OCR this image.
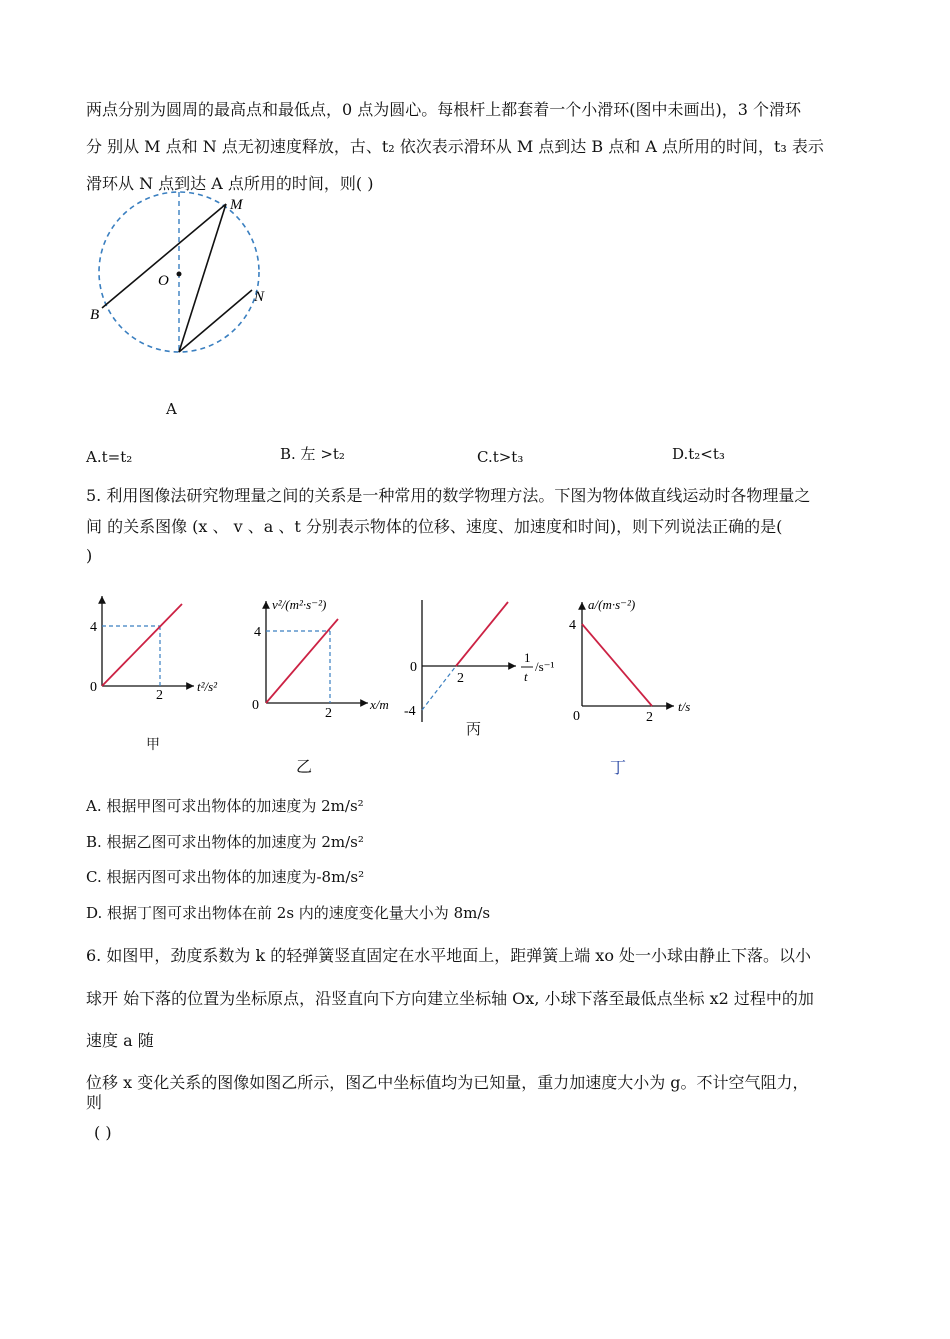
两点分别为圆周的最高点和最低点，0 点为圆心。每根杆上都套着一个小滑环(图中未画出)，3 个滑环
分 别从 M 点和 N 点无初速度释放，古、t₂ 依次表示滑环从 M 点到达 B 点和 A 点所用的时间，t₃ 表示
滑环从 N 点到达 A 点所用的时间，则( )
M
N
O
B
A
A.t=t₂	B. 左 >t₂	C.t>t₃	D.t₂<t₃
5. 利用图像法研究物理量之间的关系是一种常用的数学物理方法。下图为物体做直线运动时各物理量之
间 的关系图像 (x 、 v 、a 、t 分别表示物体的位移、速度、加速度和时间)，则下列说法正确的是(
)
4
0
2
t²/s²
甲
v²/(m²·s⁻²)
4
0
2
x/m
乙
0
-4
2
1
t
/s⁻¹
丙
a/(m·s⁻²)
4
0	2
t/s
丁
A. 根据甲图可求出物体的加速度为 2m/s²
B. 根据乙图可求出物体的加速度为 2m/s²
C. 根据丙图可求出物体的加速度为-8m/s²
D. 根据丁图可求出物体在前 2s 内的速度变化量大小为 8m/s
6. 如图甲，劲度系数为 k 的轻弹簧竖直固定在水平地面上，距弹簧上端 xo 处一小球由静止下落。以小
球开 始下落的位置为坐标原点，沿竖直向下方向建立坐标轴 Ox, 小球下落至最低点坐标 x2 过程中的加
速度 a 随
位移 x 变化关系的图像如图乙所示，图乙中坐标值均为已知量，重力加速度大小为 g。不计空气阻力，
则
( )
